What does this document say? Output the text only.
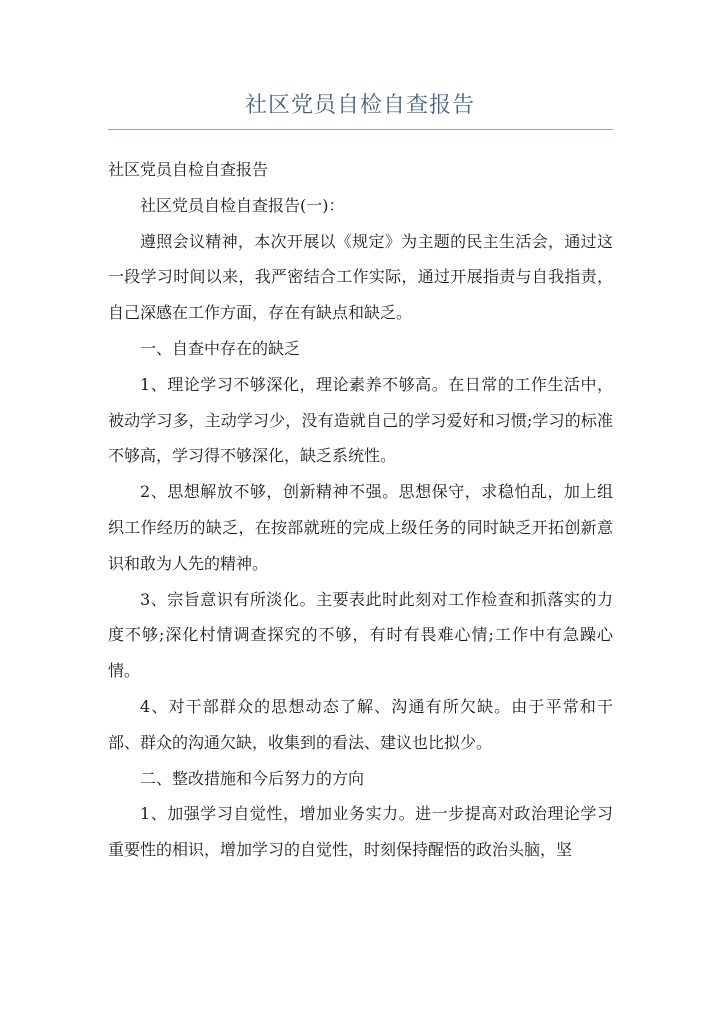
社区党员自检自查报告

社区党员自检自查报告

社区党员自检自查报告(一)：

遵照会议精神，本次开展以《规定》为主题的民主生活会，通过这一段学习时间以来，我严密结合工作实际，通过开展指责与自我指责，自己深感在工作方面，存在有缺点和缺乏。

一、自查中存在的缺乏

1、理论学习不够深化，理论素养不够高。在日常的工作生活中，被动学习多，主动学习少，没有造就自己的学习爱好和习惯;学习的标准不够高，学习得不够深化，缺乏系统性。

2、思想解放不够，创新精神不强。思想保守，求稳怕乱，加上组织工作经历的缺乏，在按部就班的完成上级任务的同时缺乏开拓创新意识和敢为人先的精神。

3、宗旨意识有所淡化。主要表此时此刻对工作检查和抓落实的力度不够;深化村情调查探究的不够，有时有畏难心情;工作中有急躁心情。

4、对干部群众的思想动态了解、沟通有所欠缺。由于平常和干部、群众的沟通欠缺，收集到的看法、建议也比拟少。

二、整改措施和今后努力的方向

1、加强学习自觉性，增加业务实力。进一步提高对政治理论学习重要性的相识，增加学习的自觉性，时刻保持醒悟的政治头脑，坚
